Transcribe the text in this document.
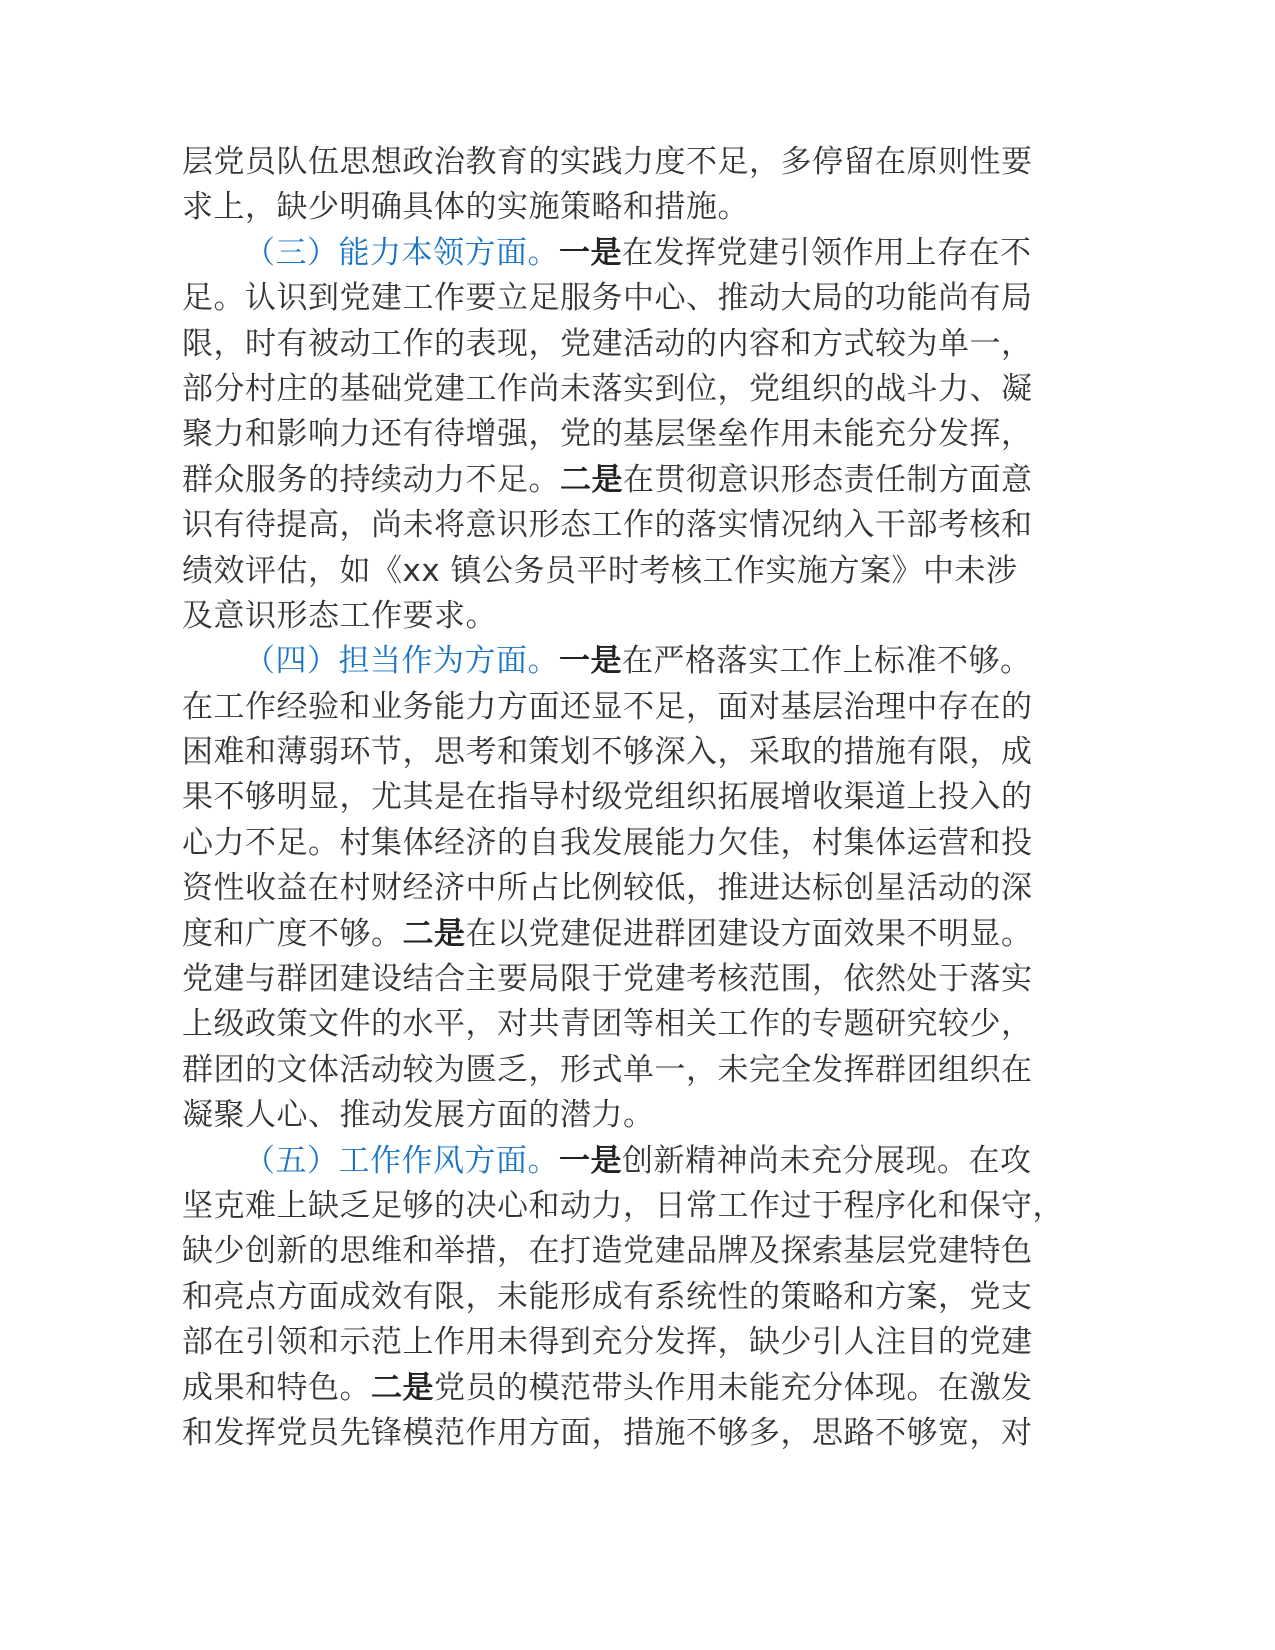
层党员队伍思想政治教育的实践力度不足，多停留在原则性要
求上，缺少明确具体的实施策略和措施。
（三）能力本领方面。一是在发挥党建引领作用上存在不
足。认识到党建工作要立足服务中心、推动大局的功能尚有局
限，时有被动工作的表现，党建活动的内容和方式较为单一，
部分村庄的基础党建工作尚未落实到位，党组织的战斗力、凝
聚力和影响力还有待增强，党的基层堡垒作用未能充分发挥，
群众服务的持续动力不足。二是在贯彻意识形态责任制方面意
识有待提高，尚未将意识形态工作的落实情况纳入干部考核和
绩效评估，如《xx 镇公务员平时考核工作实施方案》中未涉
及意识形态工作要求。
（四）担当作为方面。一是在严格落实工作上标准不够。
在工作经验和业务能力方面还显不足，面对基层治理中存在的
困难和薄弱环节，思考和策划不够深入，采取的措施有限，成
果不够明显，尤其是在指导村级党组织拓展增收渠道上投入的
心力不足。村集体经济的自我发展能力欠佳，村集体运营和投
资性收益在村财经济中所占比例较低，推进达标创星活动的深
度和广度不够。二是在以党建促进群团建设方面效果不明显。
党建与群团建设结合主要局限于党建考核范围，依然处于落实
上级政策文件的水平，对共青团等相关工作的专题研究较少，
群团的文体活动较为匮乏，形式单一，未完全发挥群团组织在
凝聚人心、推动发展方面的潜力。
（五）工作作风方面。一是创新精神尚未充分展现。在攻
坚克难上缺乏足够的决心和动力，日常工作过于程序化和保守，
缺少创新的思维和举措，在打造党建品牌及探索基层党建特色
和亮点方面成效有限，未能形成有系统性的策略和方案，党支
部在引领和示范上作用未得到充分发挥，缺少引人注目的党建
成果和特色。二是党员的模范带头作用未能充分体现。在激发
和发挥党员先锋模范作用方面，措施不够多，思路不够宽，对
